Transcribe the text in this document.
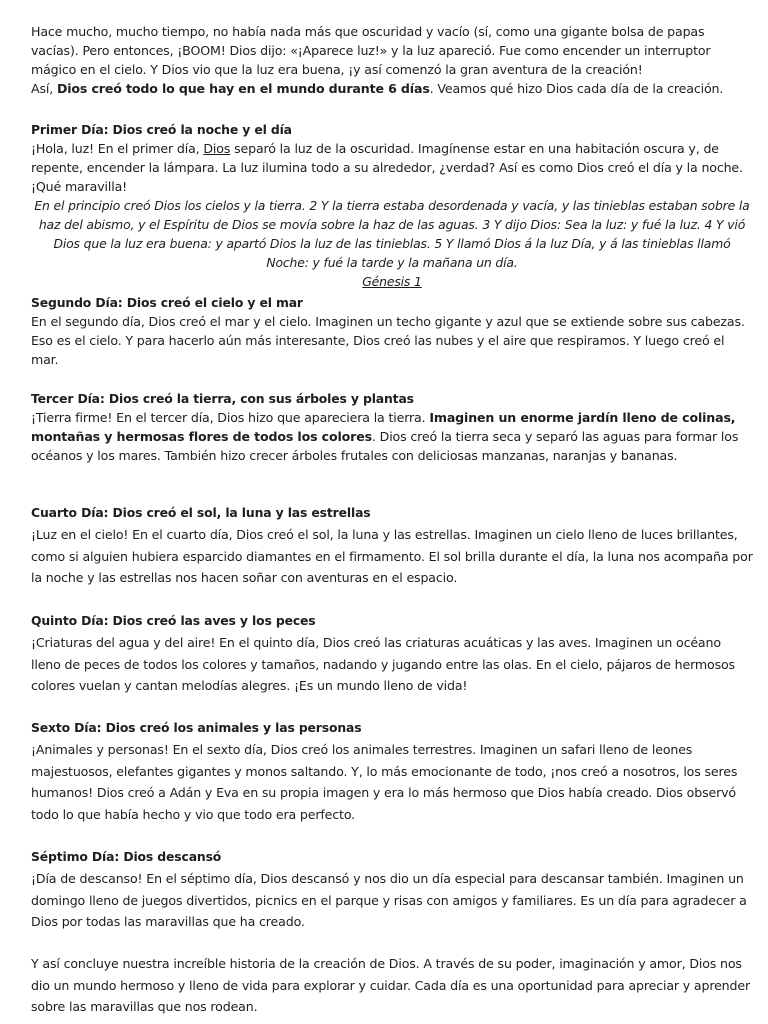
Hace mucho, mucho tiempo, no había nada más que oscuridad y vacío (sí, como una gigante bolsa de papas vacías). Pero entonces, ¡BOOM! Dios dijo: «¡Aparece luz!» y la luz apareció. Fue como encender un interruptor mágico en el cielo. Y Dios vio que la luz era buena, ¡y así comenzó la gran aventura de la creación!

Así, Dios creó todo lo que hay en el mundo durante 6 días. Veamos qué hizo Dios cada día de la creación.

Primer Día: Dios creó la noche y el día

¡Hola, luz! En el primer día, Dios separó la luz de la oscuridad. Imagínense estar en una habitación oscura y, de repente, encender la lámpara. La luz ilumina todo a su alrededor, ¿verdad? Así es como Dios creó el día y la noche. ¡Qué maravilla!

En el principio creó Dios los cielos y la tierra. 2 Y la tierra estaba desordenada y vacía, y las tinieblas estaban sobre la haz del abismo, y el Espíritu de Dios se movía sobre la haz de las aguas. 3 Y dijo Dios: Sea la luz: y fué la luz. 4 Y vió Dios que la luz era buena: y apartó Dios la luz de las tinieblas. 5 Y llamó Dios á la luz Día, y á las tinieblas llamó Noche: y fué la tarde y la mañana un día.

Génesis 1

Segundo Día: Dios creó el cielo y el mar

En el segundo día, Dios creó el mar y el cielo. Imaginen un techo gigante y azul que se extiende sobre sus cabezas. Eso es el cielo. Y para hacerlo aún más interesante, Dios creó las nubes y el aire que respiramos. Y luego creó el mar.

Tercer Día: Dios creó la tierra, con sus árboles y plantas

¡Tierra firme! En el tercer día, Dios hizo que apareciera la tierra. Imaginen un enorme jardín lleno de colinas, montañas y hermosas flores de todos los colores. Dios creó la tierra seca y separó las aguas para formar los océanos y los mares. También hizo crecer árboles frutales con deliciosas manzanas, naranjas y bananas.

Cuarto Día: Dios creó el sol, la luna y las estrellas

¡Luz en el cielo! En el cuarto día, Dios creó el sol, la luna y las estrellas. Imaginen un cielo lleno de luces brillantes, como si alguien hubiera esparcido diamantes en el firmamento. El sol brilla durante el día, la luna nos acompaña por la noche y las estrellas nos hacen soñar con aventuras en el espacio.

Quinto Día: Dios creó las aves y los peces

¡Criaturas del agua y del aire! En el quinto día, Dios creó las criaturas acuáticas y las aves. Imaginen un océano lleno de peces de todos los colores y tamaños, nadando y jugando entre las olas. En el cielo, pájaros de hermosos colores vuelan y cantan melodías alegres. ¡Es un mundo lleno de vida!

Sexto Día: Dios creó los animales y las personas

¡Animales y personas! En el sexto día, Dios creó los animales terrestres. Imaginen un safari lleno de leones majestuosos, elefantes gigantes y monos saltando. Y, lo más emocionante de todo, ¡nos creó a nosotros, los seres humanos! Dios creó a Adán y Eva en su propia imagen y era lo más hermoso que Dios había creado. Dios observó todo lo que había hecho y vio que todo era perfecto.

Séptimo Día: Dios descansó

¡Día de descanso! En el séptimo día, Dios descansó y nos dio un día especial para descansar también. Imaginen un domingo lleno de juegos divertidos, picnics en el parque y risas con amigos y familiares. Es un día para agradecer a Dios por todas las maravillas que ha creado.

Y así concluye nuestra increíble historia de la creación de Dios. A través de su poder, imaginación y amor, Dios nos dio un mundo hermoso y lleno de vida para explorar y cuidar. Cada día es una oportunidad para apreciar y aprender sobre las maravillas que nos rodean.
